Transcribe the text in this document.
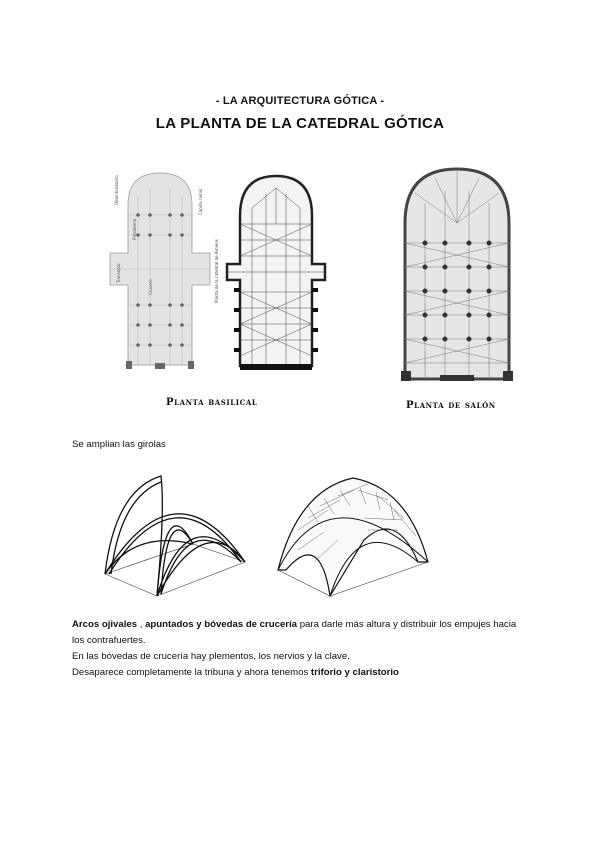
- LA ARQUITECTURA GÓTICA -
LA PLANTA DE LA CATEDRAL GÓTICA
Deambulatorio	Capilla radial
Presbiterio
Transepto
Crucero	Planta de la catedral de Amiens
Planta basilical	Planta de salón
Se amplian las girolas
Arcos ojivales , apuntados y bóvedas de crucería para darle más altura y distribuir los empujes hacia
los contrafuertes.
En las bóvedas de crucería hay plementos, los nervios y la clave.
Desaparece completamente la tribuna y ahora tenemos triforio y claristorio
